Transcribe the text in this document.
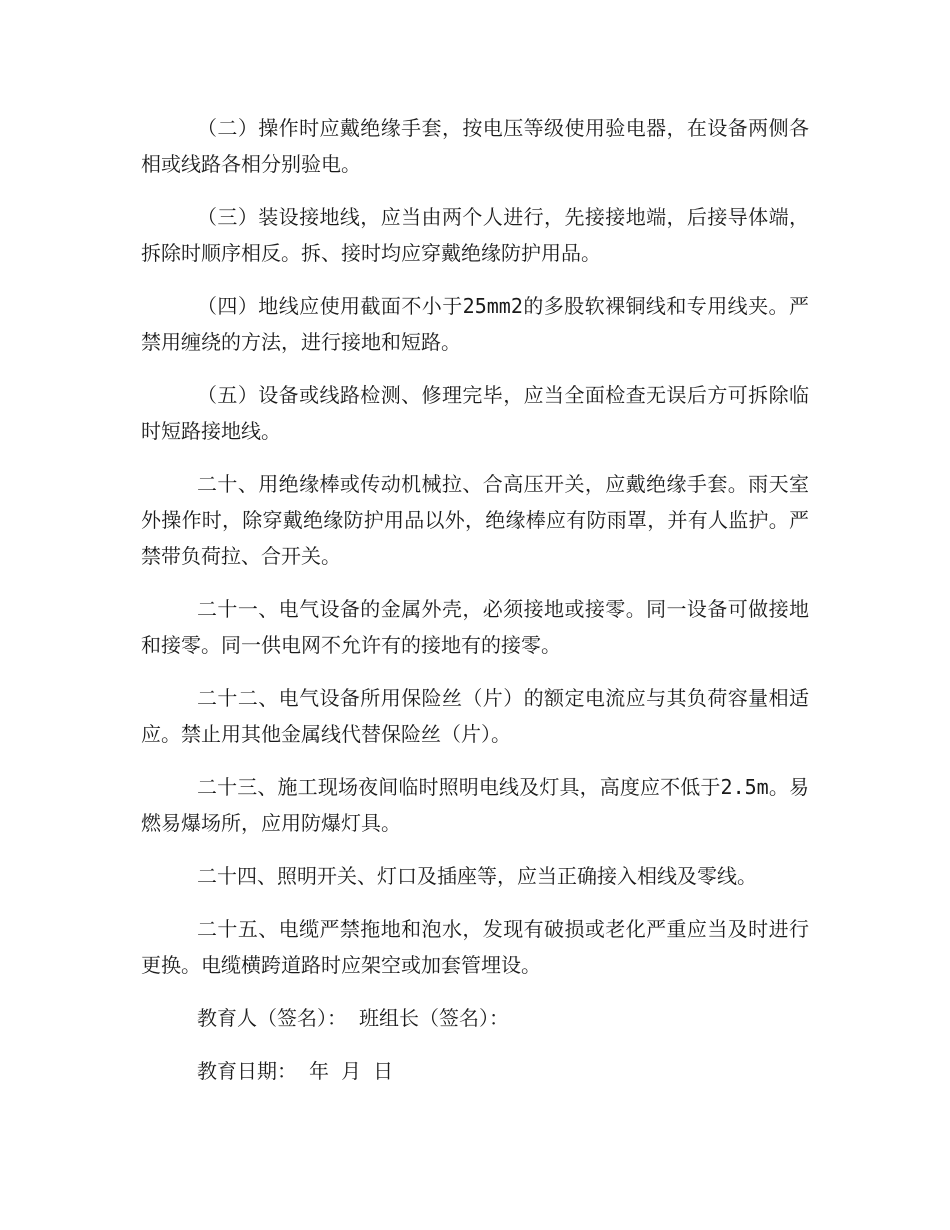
（二）操作时应戴绝缘手套，按电压等级使用验电器，在设备两侧各相或线路各相分别验电。

（三）装设接地线，应当由两个人进行，先接接地端，后接导体端，拆除时顺序相反。拆、接时均应穿戴绝缘防护用品。

（四）地线应使用截面不小于25mm2的多股软裸铜线和专用线夹。严禁用缠绕的方法，进行接地和短路。

（五）设备或线路检测、修理完毕，应当全面检查无误后方可拆除临时短路接地线。

二十、用绝缘棒或传动机械拉、合高压开关，应戴绝缘手套。雨天室外操作时，除穿戴绝缘防护用品以外，绝缘棒应有防雨罩，并有人监护。严禁带负荷拉、合开关。

二十一、电气设备的金属外壳，必须接地或接零。同一设备可做接地和接零。同一供电网不允许有的接地有的接零。

二十二、电气设备所用保险丝（片）的额定电流应与其负荷容量相适应。禁止用其他金属线代替保险丝（片）。

二十三、施工现场夜间临时照明电线及灯具，高度应不低于2.5m。易燃易爆场所，应用防爆灯具。

二十四、照明开关、灯口及插座等，应当正确接入相线及零线。

二十五、电缆严禁拖地和泡水，发现有破损或老化严重应当及时进行更换。电缆横跨道路时应架空或加套管埋设。

教育人（签名）： 班组长（签名）：

教育日期： 年 月 日
